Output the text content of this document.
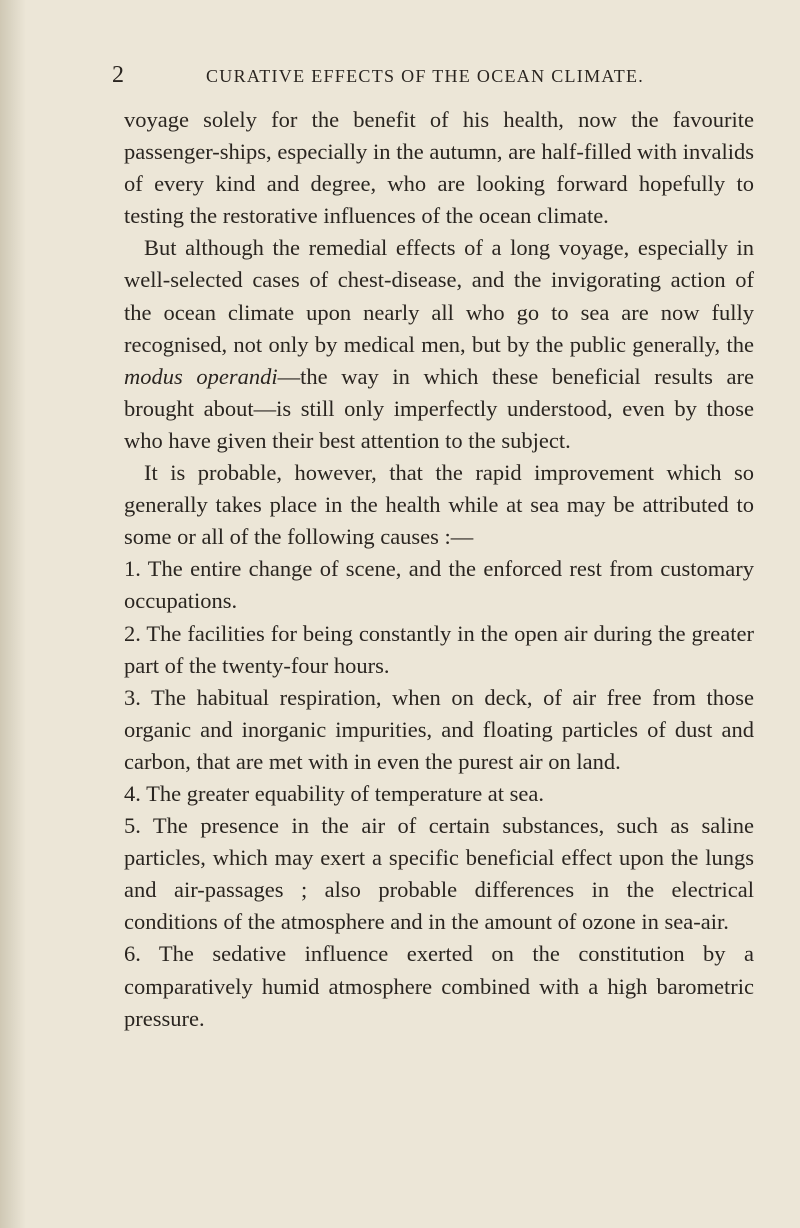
2	CURATIVE EFFECTS OF THE OCEAN CLIMATE.

voyage solely for the benefit of his health, now the favourite passenger-ships, especially in the autumn, are half-filled with invalids of every kind and degree, who are looking forward hopefully to testing the restorative influences of the ocean climate.

But although the remedial effects of a long voyage, especially in well-selected cases of chest-disease, and the invigorating action of the ocean climate upon nearly all who go to sea are now fully recognised, not only by medical men, but by the public generally, the modus operandi—the way in which these beneficial results are brought about—is still only imperfectly understood, even by those who have given their best attention to the subject.

It is probable, however, that the rapid improvement which so generally takes place in the health while at sea may be attributed to some or all of the following causes :—

1. The entire change of scene, and the enforced rest from customary occupations.

2. The facilities for being constantly in the open air during the greater part of the twenty-four hours.

3. The habitual respiration, when on deck, of air free from those organic and inorganic impurities, and floating particles of dust and carbon, that are met with in even the purest air on land.

4. The greater equability of temperature at sea.

5. The presence in the air of certain substances, such as saline particles, which may exert a specific beneficial effect upon the lungs and air-passages ; also probable differences in the electrical conditions of the atmosphere and in the amount of ozone in sea-air.

6. The sedative influence exerted on the constitution by a comparatively humid atmosphere combined with a high barometric pressure.
